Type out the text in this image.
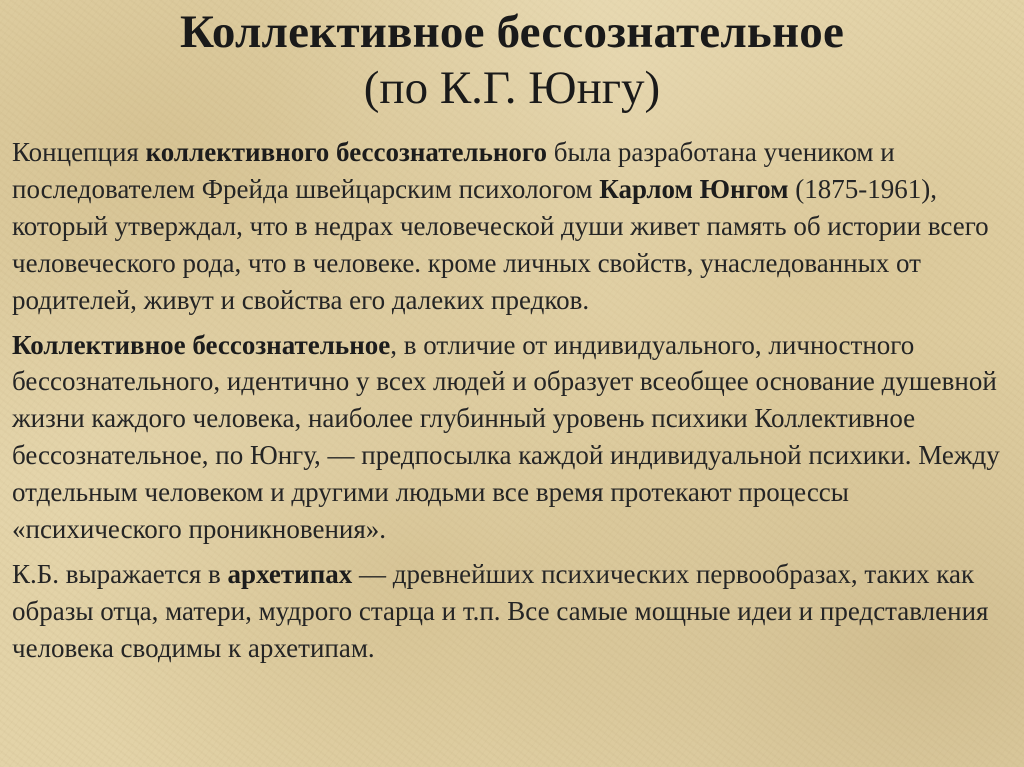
Коллективное бессознательное
(по К.Г. Юнгу)

Концепция коллективного бессознательного была разработана учеником и последователем Фрейда швейцарским психологом Карлом Юнгом (1875-1961), который утверждал, что в недрах человеческой души живет память об истории всего человеческого рода, что в человеке. кроме личных свойств, унаследованных от родителей, живут и свойства его далеких предков.

Коллективное бессознательное, в отличие от индивидуального, личностного бессознательного, идентично у всех людей и образует всеобщее основание душевной жизни каждого человека, наиболее глубинный уровень психики Коллективное бессознательное, по Юнгу, — предпосылка каждой индивидуальной психики. Между отдельным человеком и другими людьми все время протекают процессы «психического проникновения».

К.Б. выражается в архетипах — древнейших психических первообразах, таких как образы отца, матери, мудрого старца и т.п. Все самые мощные идеи и представления человека сводимы к архетипам.
